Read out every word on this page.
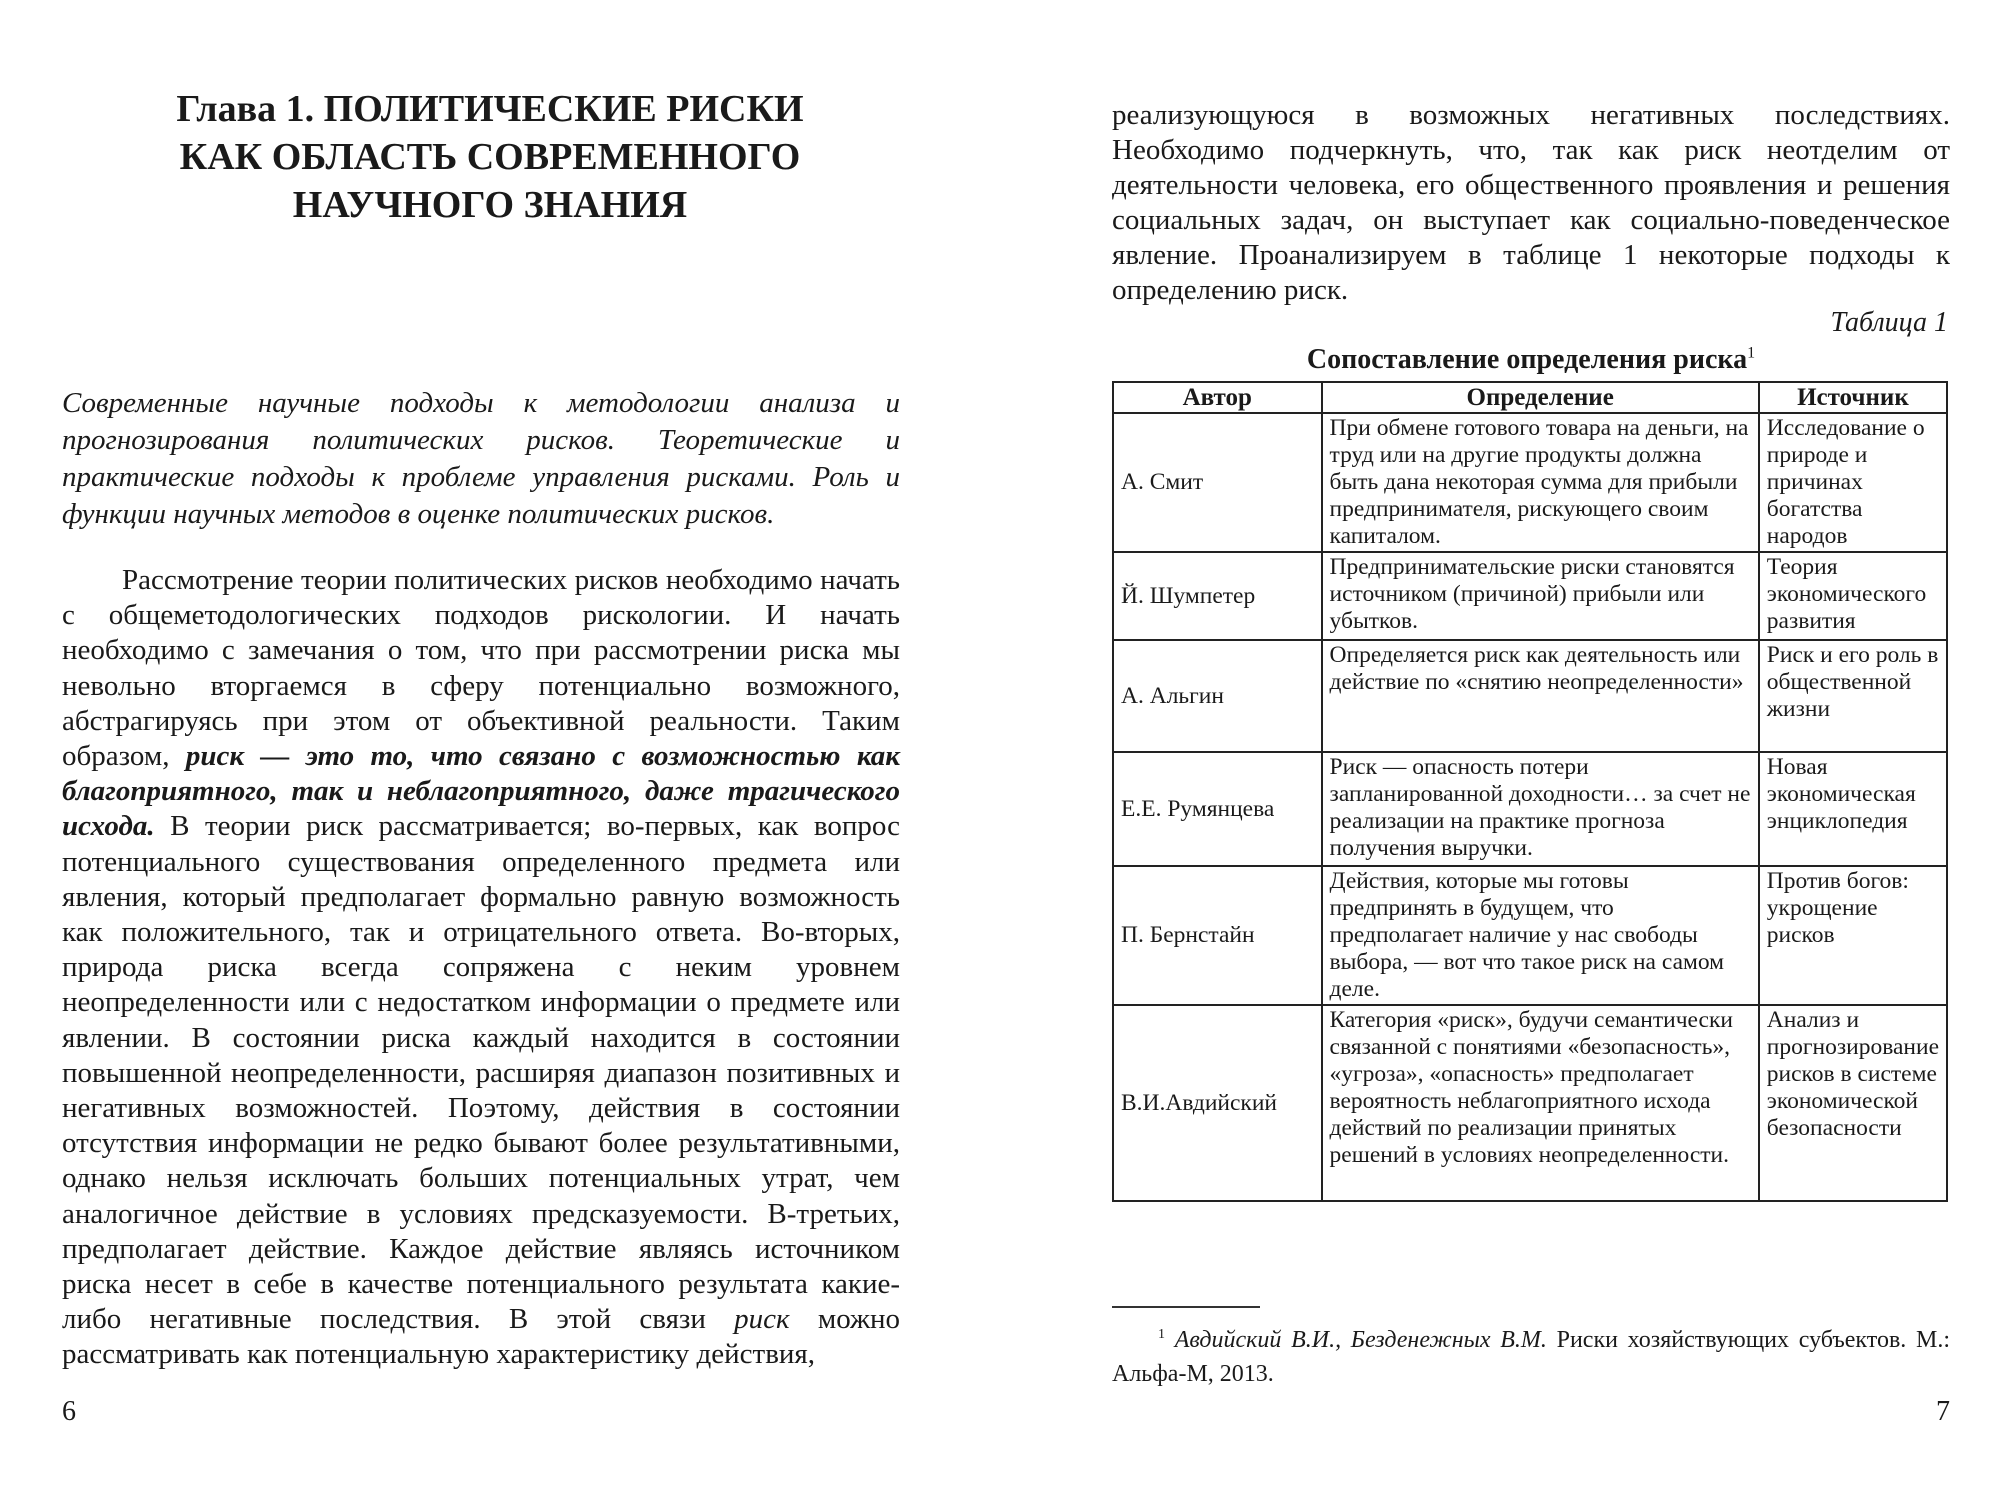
Глава 1. ПОЛИТИЧЕСКИЕ РИСКИ
КАК ОБЛАСТЬ СОВРЕМЕННОГО
НАУЧНОГО ЗНАНИЯ

Современные научные подходы к методологии анализа и прогнозирования политических рисков. Теоретические и практические подходы к проблеме управления рисками. Роль и функции научных методов в оценке политических рисков.

Рассмотрение теории политических рисков необходимо начать с общеметодологических подходов рискологии. И начать необходимо с замечания о том, что при рассмотрении риска мы невольно вторгаемся в сферу потенциально возможного, абстрагируясь при этом от объективной реальности. Таким образом, риск — это то, что связано с возможностью как благоприятного, так и неблагоприятного, даже трагического исхода. В теории риск рассматривается; во-первых, как вопрос потенциального существования определенного предмета или явления, который предполагает формально равную возможность как положительного, так и отрицательного ответа. Во-вторых, природа риска всегда сопряжена с неким уровнем неопределенности или с недостатком информации о предмете или явлении. В состоянии риска каждый находится в состоянии повышенной неопределенности, расширяя диапазон позитивных и негативных возможностей. Поэтому, действия в состоянии отсутствия информации не редко бывают более результативными, однако нельзя исключать больших потенциальных утрат, чем аналогичное действие в условиях предсказуемости. В-третьих, предполагает действие. Каждое действие являясь источником риска несет в себе в качестве потенциального результата какие-либо негативные последствия. В этой связи риск можно рассматривать как потенциальную характеристику действия,

6

реализующуюся в возможных негативных последствиях. Необходимо подчеркнуть, что, так как риск неотделим от деятельности человека, его общественного проявления и решения социальных задач, он выступает как социально-поведенческое явление. Проанализируем в таблице 1 некоторые подходы к определению риск.

Таблица 1

Сопоставление определения риска$^1$

Автор	Определение	Источник
А. Смит	При обмене готового товара на деньги, на труд или на другие продукты должна быть дана некоторая сумма для прибыли предпринимателя, рискующего своим капиталом.	Исследование о природе и причинах богатства народов
Й. Шумпетер	Предпринимательские риски становятся источником (причиной) прибыли или убытков.	Теория экономического развития
А. Альгин	Определяется риск как деятельность или действие по «снятию неопределенности»	Риск и его роль в общественной жизни
Е.Е. Румянцева	Риск — опасность потери запланированной доходности… за счет не реализации на практике прогноза получения выручки.	Новая экономическая энциклопедия
П. Бернстайн	Действия, которые мы готовы предпринять в будущем, что предполагает наличие у нас свободы выбора, — вот что такое риск на самом деле.	Против богов: укрощение рисков
В.И.Авдийский	Категория «риск», будучи семантически связанной с понятиями «безопасность», «угроза», «опасность» предполагает вероятность неблагоприятного исхода действий по реализации принятых решений в условиях неопределенности.	Анализ и прогнозирование рисков в системе экономической безопасности

$^1$ Авдийский В.И., Безденежных В.М. Риски хозяйствующих субъектов. М.: Альфа-М, 2013.

7
